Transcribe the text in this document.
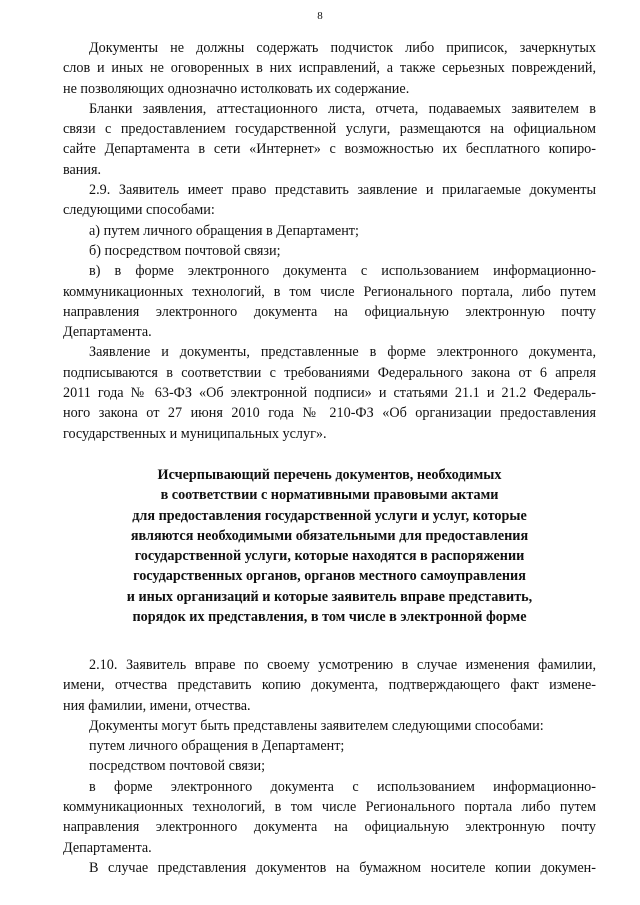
8
Документы не должны содержать подчисток либо приписок, зачеркнутых
слов и иных не оговоренных в них исправлений, а также серьезных повреждений,
не позволяющих однозначно истолковать их содержание.
Бланки заявления, аттестационного листа, отчета, подаваемых заявителем в
связи с предоставлением государственной услуги, размещаются на официальном
сайте Департамента в сети «Интернет» с возможностью их бесплатного копиро-
вания.
2.9. Заявитель имеет право представить заявление и прилагаемые документы
следующими способами:
а) путем личного обращения в Департамент;
б) посредством почтовой связи;
в) в форме электронного документа с использованием информационно-
коммуникационных технологий, в том числе Регионального портала, либо путем
направления электронного документа на официальную электронную почту
Департамента.
Заявление и документы, представленные в форме электронного документа,
подписываются в соответствии с требованиями Федерального закона от 6 апреля
2011 года № 63-ФЗ «Об электронной подписи» и статьями 21.1 и 21.2 Федераль-
ного закона от 27 июня 2010 года № 210-ФЗ «Об организации предоставления
государственных и муниципальных услуг».
Исчерпывающий перечень документов, необходимых
в соответствии с нормативными правовыми актами
для предоставления государственной услуги и услуг, которые
являются необходимыми обязательными для предоставления
государственной услуги, которые находятся в распоряжении
государственных органов, органов местного самоуправления
и иных организаций и которые заявитель вправе представить,
порядок их представления, в том числе в электронной форме
2.10. Заявитель вправе по своему усмотрению в случае изменения фамилии,
имени, отчества представить копию документа, подтверждающего факт измене-
ния фамилии, имени, отчества.
Документы могут быть представлены заявителем следующими способами:
путем личного обращения в Департамент;
посредством почтовой связи;
в форме электронного документа с использованием информационно-
коммуникационных технологий, в том числе Регионального портала либо путем
направления электронного документа на официальную электронную почту
Департамента.
В случае представления документов на бумажном носителе копии докумен-
